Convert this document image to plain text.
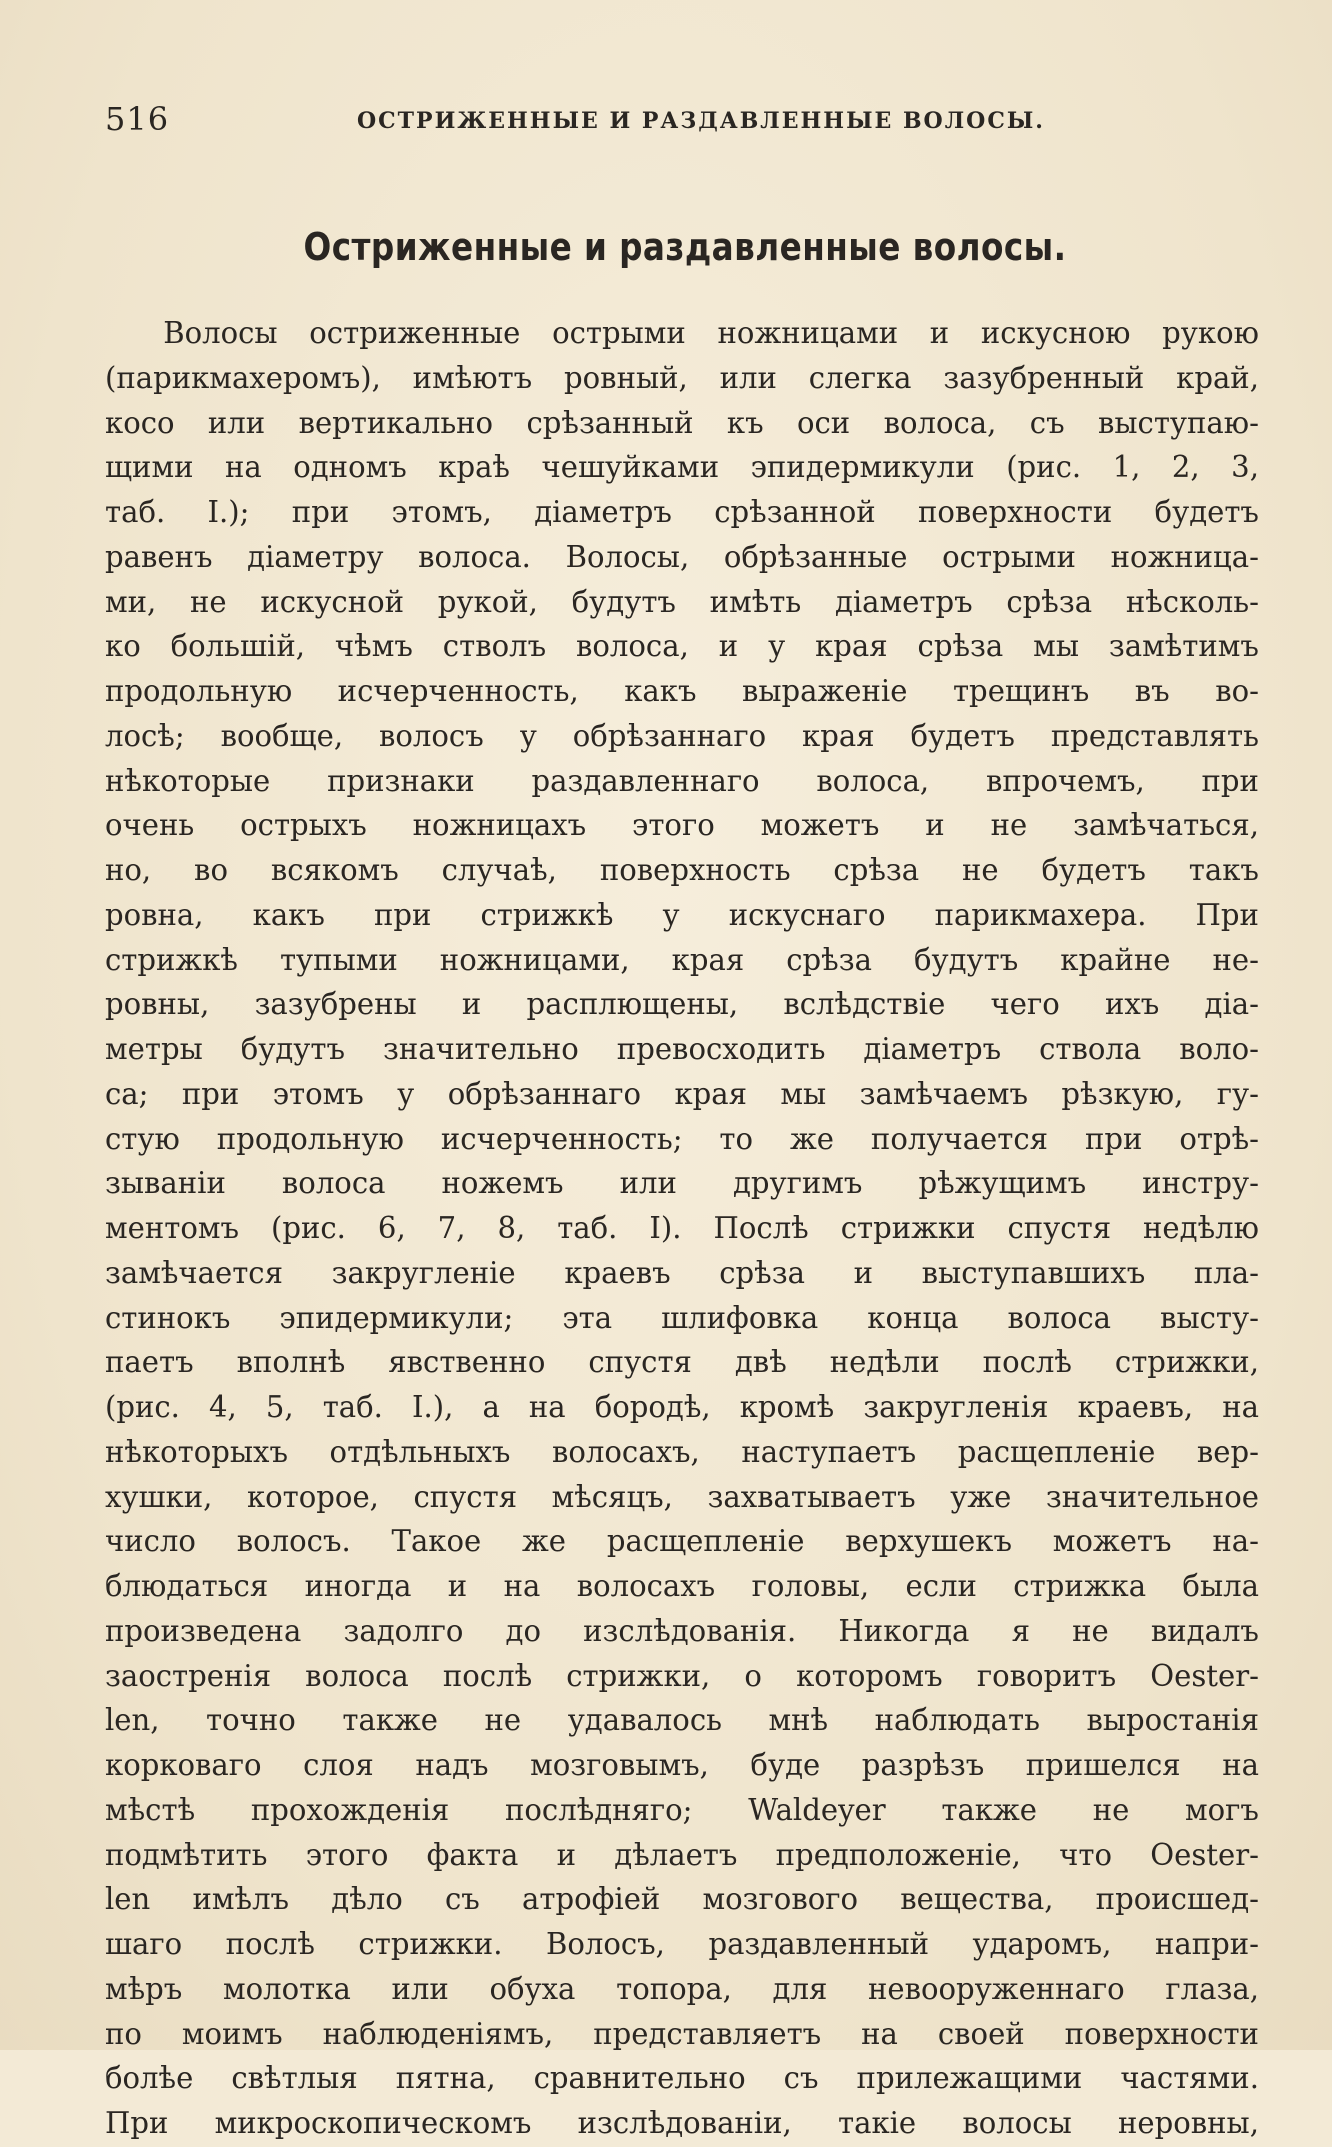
516	ОСТРИЖЕННЫЕ И РАЗДАВЛЕННЫЕ ВОЛОСЫ.
Остриженные и раздавленные волосы.
Волосы остриженные острыми ножницами и искусною рукою
(парикмахеромъ), имѣютъ ровный, или слегка зазубренный край,
косо или вертикально срѣзанный къ оси волоса, съ выступаю-
щими на одномъ краѣ чешуйками эпидермикули (рис. 1, 2, 3,
таб. I.); при этомъ, діаметръ срѣзанной поверхности будетъ
равенъ діаметру волоса. Волосы, обрѣзанные острыми ножница-
ми, не искусной рукой, будутъ имѣть діаметръ срѣза нѣсколь-
ко большій, чѣмъ стволъ волоса, и у края срѣза мы замѣтимъ
продольную исчерченность, какъ выраженіе трещинъ въ во-
лосѣ; вообще, волосъ у обрѣзаннаго края будетъ представлять
нѣкоторые признаки раздавленнаго волоса, впрочемъ, при
очень острыхъ ножницахъ этого можетъ и не замѣчаться,
но, во всякомъ случаѣ, поверхность срѣза не будетъ такъ
ровна, какъ при стрижкѣ у искуснаго парикмахера. При
стрижкѣ тупыми ножницами, края срѣза будутъ крайне не-
ровны, зазубрены и расплющены, вслѣдствіе чего ихъ діа-
метры будутъ значительно превосходить діаметръ ствола воло-
са; при этомъ у обрѣзаннаго края мы замѣчаемъ рѣзкую, гу-
стую продольную исчерченность; то же получается при отрѣ-
зываніи волоса ножемъ или другимъ рѣжущимъ инстру-
ментомъ (рис. 6, 7, 8, таб. I). Послѣ стрижки спустя недѣлю
замѣчается закругленіе краевъ срѣза и выступавшихъ пла-
стинокъ эпидермикули; эта шлифовка конца волоса высту-
паетъ вполнѣ явственно спустя двѣ недѣли послѣ стрижки,
(рис. 4, 5, таб. I.), а на бородѣ, кромѣ закругленія краевъ, на
нѣкоторыхъ отдѣльныхъ волосахъ, наступаетъ расщепленіе вер-
хушки, которое, спустя мѣсяцъ, захватываетъ уже значительное
число волосъ. Такое же расщепленіе верхушекъ можетъ на-
блюдаться иногда и на волосахъ головы, если стрижка была
произведена задолго до изслѣдованія. Никогда я не видалъ
заостренія волоса послѣ стрижки, о которомъ говоритъ Oester-
len, точно также не удавалось мнѣ наблюдать выростанія
корковаго слоя надъ мозговымъ, буде разрѣзъ пришелся на
мѣстѣ прохожденія послѣдняго; Waldeyer также не могъ
подмѣтить этого факта и дѣлаетъ предположеніе, что Oester-
len имѣлъ дѣло съ атрофіей мозгового вещества, происшед-
шаго послѣ стрижки. Волосъ, раздавленный ударомъ, напри-
мѣръ молотка или обуха топора, для невооруженнаго глаза,
по моимъ наблюденіямъ, представляетъ на своей поверхности
болѣе свѣтлыя пятна, сравнительно съ прилежащими частями.
При микроскопическомъ изслѣдованіи, такіе волосы неровны,
